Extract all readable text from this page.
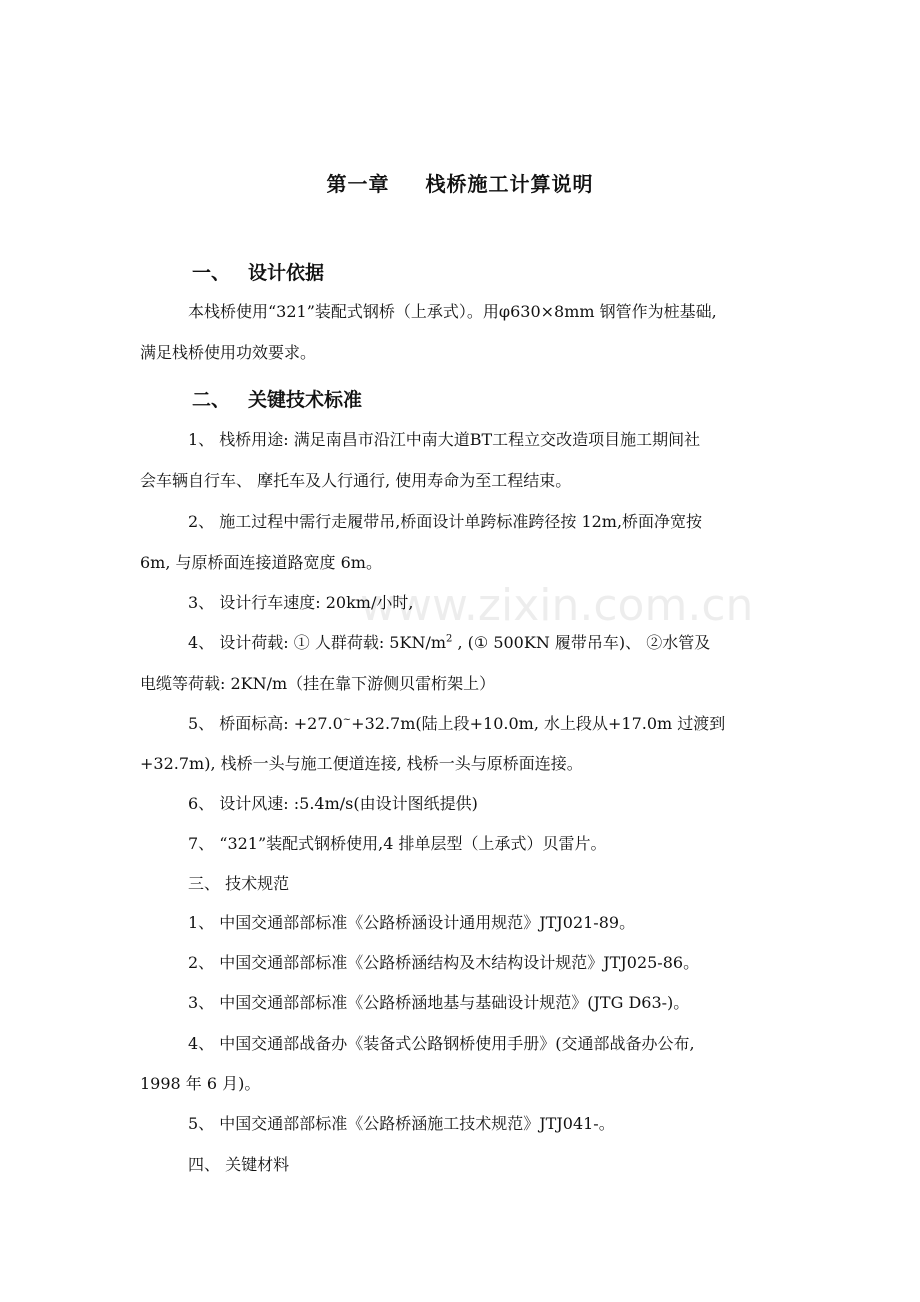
第一章 栈桥施工计算说明
一、 设计依据
本栈桥使用“321”装配式钢桥（上承式）。用φ630×8mm 钢管作为桩基础,
满足栈桥使用功效要求。
二、 关键技术标准
1、 栈桥用途: 满足南昌市沿江中南大道BT工程立交改造项目施工期间社
会车辆自行车、 摩托车及人行通行, 使用寿命为至工程结束。
2、 施工过程中需行走履带吊,桥面设计单跨标准跨径按 12m,桥面净宽按
6m, 与原桥面连接道路宽度 6m。
3、 设计行车速度: 20km/小时,
4、 设计荷载: ① 人群荷载: $5KN/m^2$ , (① 500KN 履带吊车)、 ②水管及
电缆等荷载: 2KN/m（挂在靠下游侧贝雷桁架上）
5、 桥面标高: +27.0~+32.7m(陆上段+10.0m, 水上段从+17.0m 过渡到
+32.7m), 栈桥一头与施工便道连接, 栈桥一头与原桥面连接。
6、 设计风速: :5.4m/s(由设计图纸提供)
7、 “321”装配式钢桥使用,4 排单层型（上承式）贝雷片。
三、 技术规范
1、 中国交通部部标准《公路桥涵设计通用规范》JTJ021-89。
2、 中国交通部部标准《公路桥涵结构及木结构设计规范》JTJ025-86。
3、 中国交通部部标准《公路桥涵地基与基础设计规范》(JTG D63-)。
4、 中国交通部战备办《装备式公路钢桥使用手册》(交通部战备办公布,
1998 年 6 月)。
5、 中国交通部部标准《公路桥涵施工技术规范》JTJ041-。
四、 关键材料
www.zixin.com.cn
